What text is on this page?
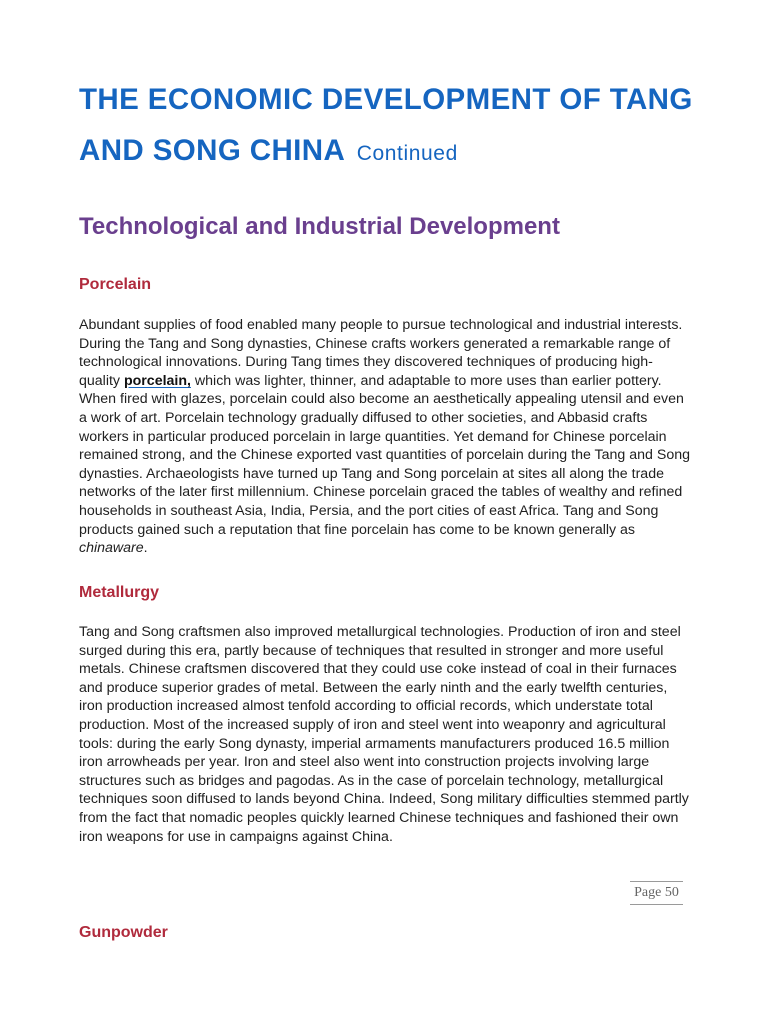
THE ECONOMIC DEVELOPMENT OF TANG AND SONG CHINA Continued
Technological and Industrial Development
Porcelain

Abundant supplies of food enabled many people to pursue technological and industrial interests. During the Tang and Song dynasties, Chinese crafts workers generated a remarkable range of technological innovations. During Tang times they discovered techniques of producing high-quality porcelain, which was lighter, thinner, and adaptable to more uses than earlier pottery. When fired with glazes, porcelain could also become an aesthetically appealing utensil and even a work of art. Porcelain technology gradually diffused to other societies, and Abbasid crafts workers in particular produced porcelain in large quantities. Yet demand for Chinese porcelain remained strong, and the Chinese exported vast quantities of porcelain during the Tang and Song dynasties. Archaeologists have turned up Tang and Song porcelain at sites all along the trade networks of the later first millennium. Chinese porcelain graced the tables of wealthy and refined households in southeast Asia, India, Persia, and the port cities of east Africa. Tang and Song products gained such a reputation that fine porcelain has come to be known generally as chinaware.

Metallurgy

Tang and Song craftsmen also improved metallurgical technologies. Production of iron and steel surged during this era, partly because of techniques that resulted in stronger and more useful metals. Chinese craftsmen discovered that they could use coke instead of coal in their furnaces and produce superior grades of metal. Between the early ninth and the early twelfth centuries, iron production increased almost tenfold according to official records, which understate total production. Most of the increased supply of iron and steel went into weaponry and agricultural tools: during the early Song dynasty, imperial armaments manufacturers produced 16.5 million iron arrowheads per year. Iron and steel also went into construction projects involving large structures such as bridges and pagodas. As in the case of porcelain technology, metallurgical techniques soon diffused to lands beyond China. Indeed, Song military difficulties stemmed partly from the fact that nomadic peoples quickly learned Chinese techniques and fashioned their own iron weapons for use in campaigns against China.

Page 50
Gunpowder
